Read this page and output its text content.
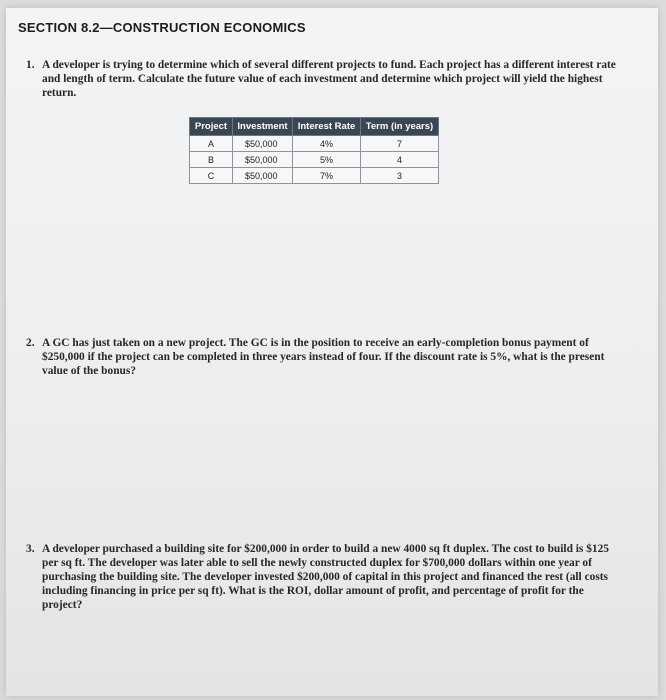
SECTION 8.2—CONSTRUCTION ECONOMICS
1. A developer is trying to determine which of several different projects to fund. Each project has a different interest rate and length of term. Calculate the future value of each investment and determine which project will yield the highest return.
Project	Investment	Interest Rate	Term (in years)
A	$50,000	4%	7
B	$50,000	5%	4
C	$50,000	7%	3
2. A GC has just taken on a new project. The GC is in the position to receive an early-completion bonus payment of $250,000 if the project can be completed in three years instead of four. If the discount rate is 5%, what is the present value of the bonus?
3. A developer purchased a building site for $200,000 in order to build a new 4000 sq ft duplex. The cost to build is $125 per sq ft. The developer was later able to sell the newly constructed duplex for $700,000 dollars within one year of purchasing the building site. The developer invested $200,000 of capital in this project and financed the rest (all costs including financing in price per sq ft). What is the ROI, dollar amount of profit, and percentage of profit for the project?
